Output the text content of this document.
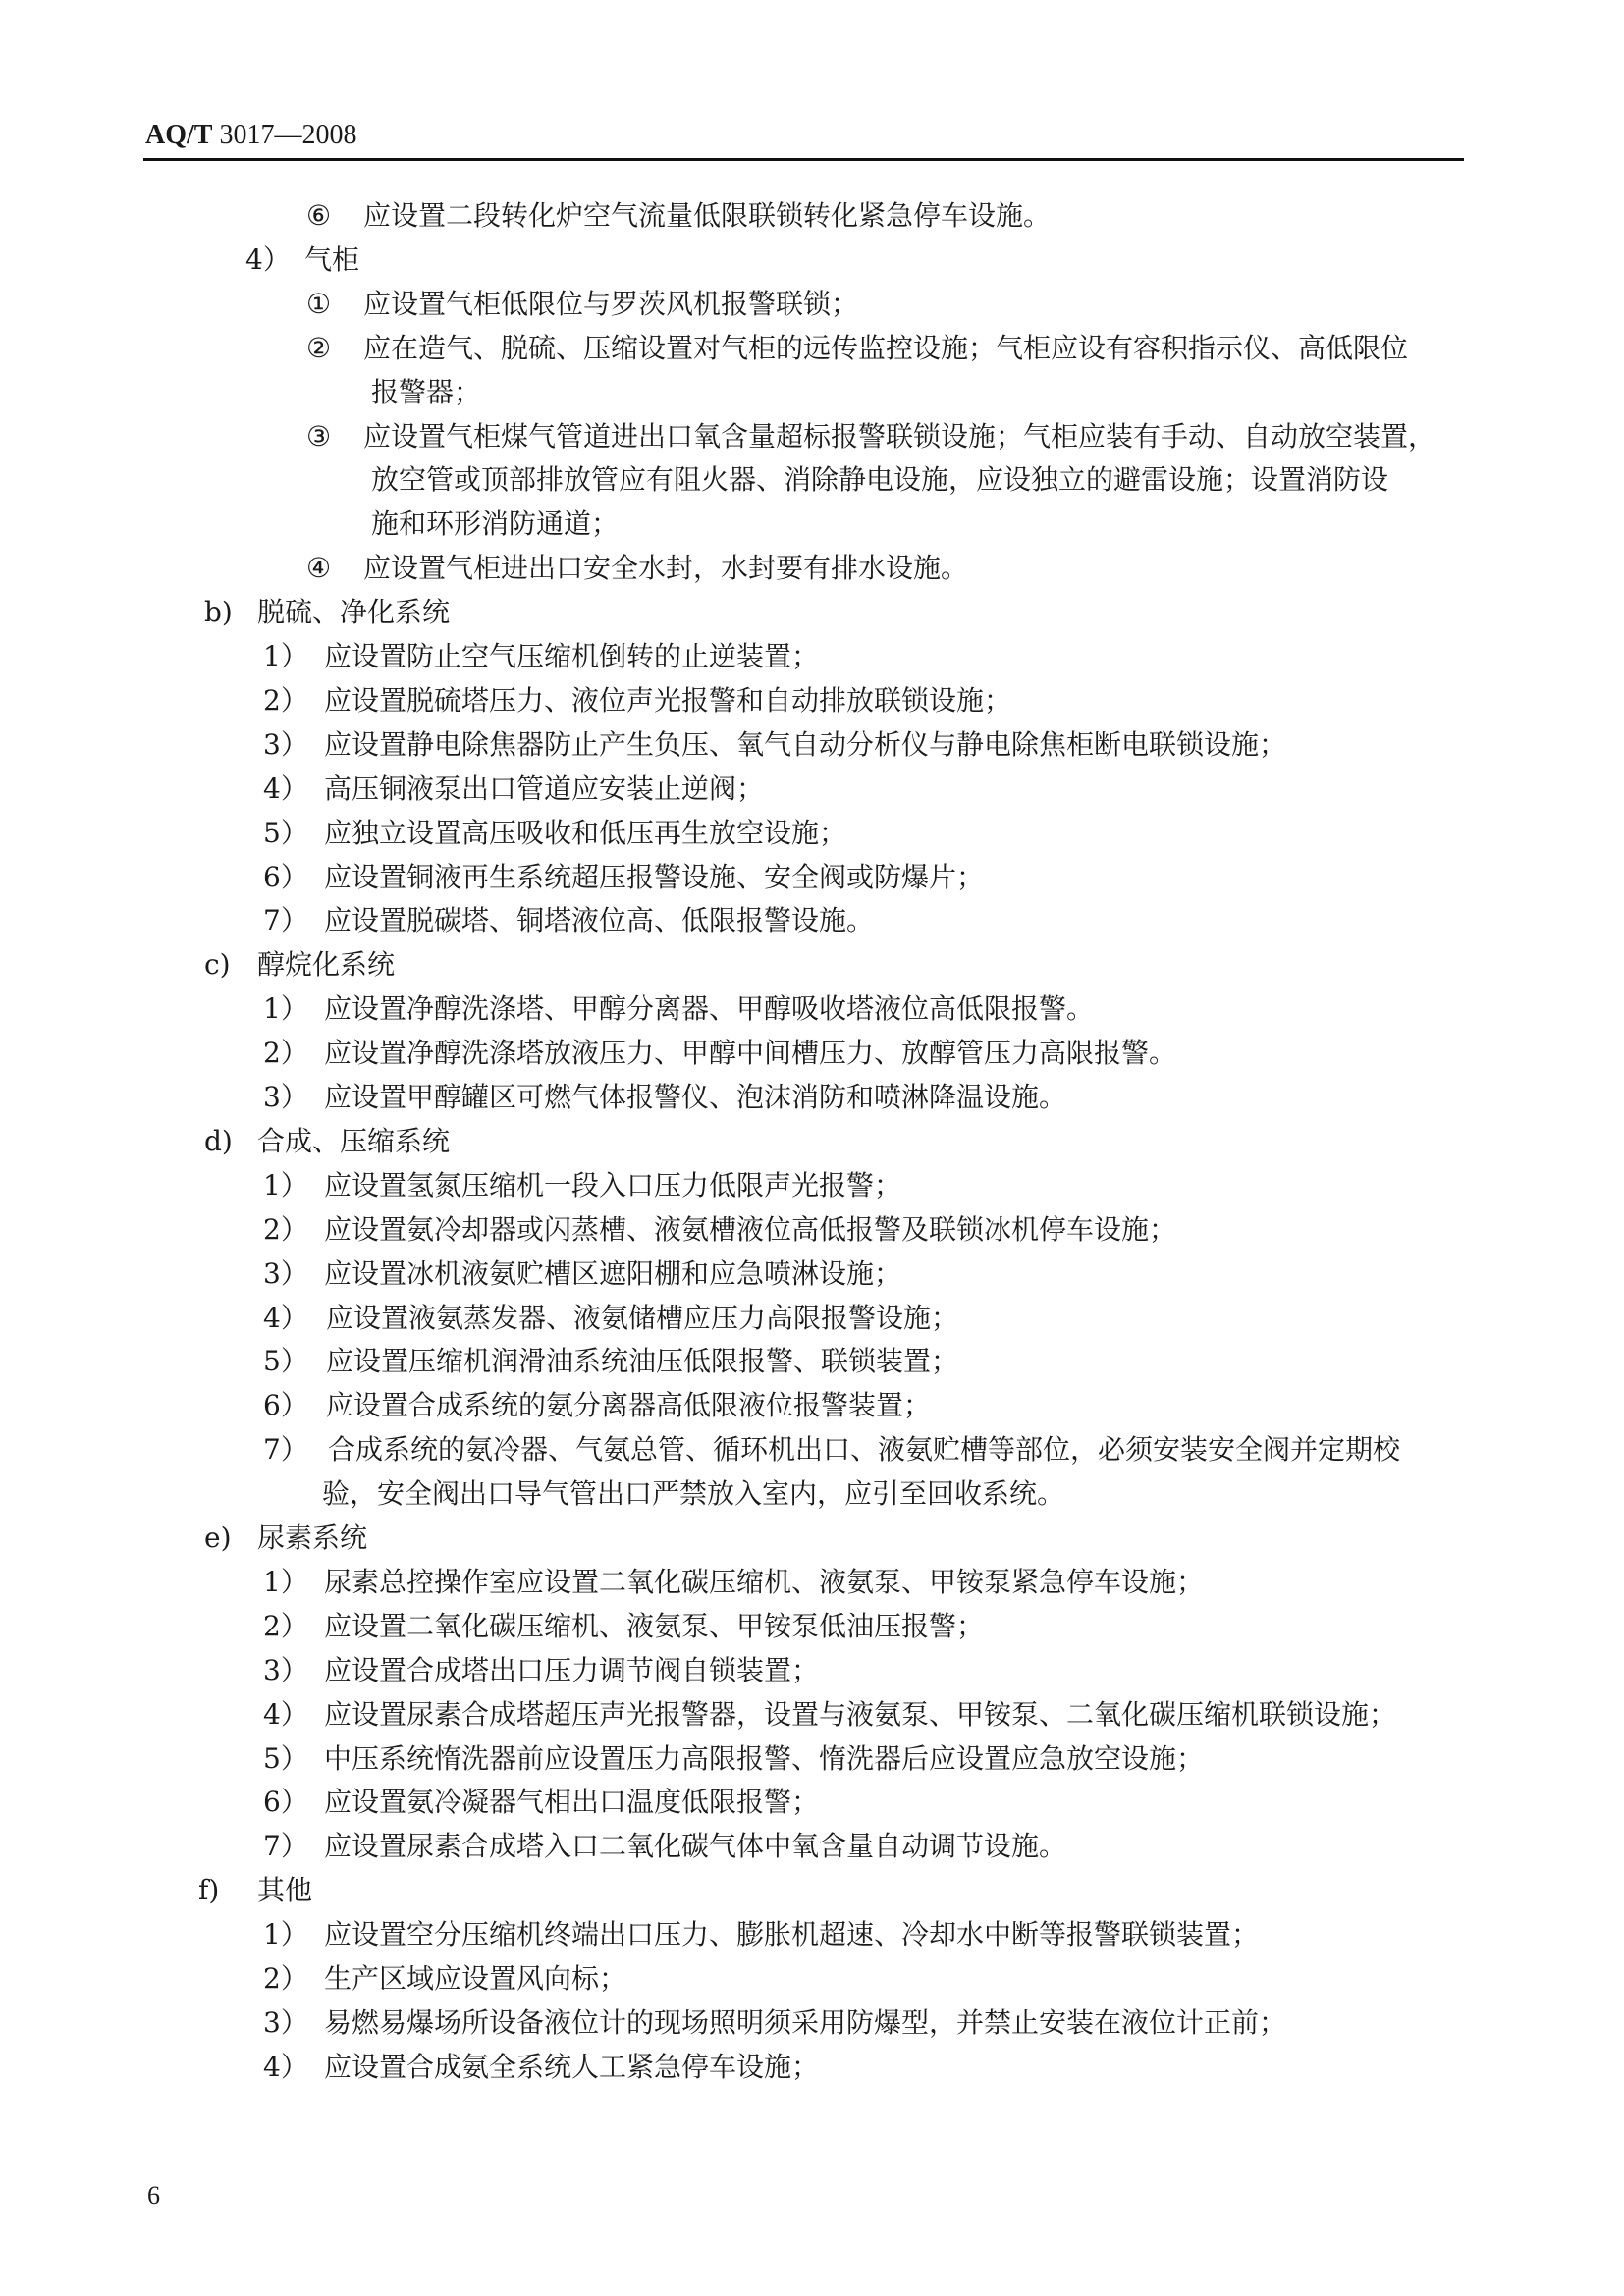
AQ/T 3017—2008
⑥ 应设置二段转化炉空气流量低限联锁转化紧急停车设施。
4） 气柜
① 应设置气柜低限位与罗茨风机报警联锁；
② 应在造气、脱硫、压缩设置对气柜的远传监控设施；气柜应设有容积指示仪、高低限位
报警器；
③ 应设置气柜煤气管道进出口氧含量超标报警联锁设施；气柜应装有手动、自动放空装置，
放空管或顶部排放管应有阻火器、消除静电设施，应设独立的避雷设施；设置消防设
施和环形消防通道；
④ 应设置气柜进出口安全水封，水封要有排水设施。
b) 脱硫、净化系统
1） 应设置防止空气压缩机倒转的止逆装置；
2） 应设置脱硫塔压力、液位声光报警和自动排放联锁设施；
3） 应设置静电除焦器防止产生负压、氧气自动分析仪与静电除焦柜断电联锁设施；
4） 高压铜液泵出口管道应安装止逆阀；
5） 应独立设置高压吸收和低压再生放空设施；
6） 应设置铜液再生系统超压报警设施、安全阀或防爆片；
7） 应设置脱碳塔、铜塔液位高、低限报警设施。
c) 醇烷化系统
1） 应设置净醇洗涤塔、甲醇分离器、甲醇吸收塔液位高低限报警。
2） 应设置净醇洗涤塔放液压力、甲醇中间槽压力、放醇管压力高限报警。
3） 应设置甲醇罐区可燃气体报警仪、泡沫消防和喷淋降温设施。
d) 合成、压缩系统
1） 应设置氢氮压缩机一段入口压力低限声光报警；
2） 应设置氨冷却器或闪蒸槽、液氨槽液位高低报警及联锁冰机停车设施；
3） 应设置冰机液氨贮槽区遮阳棚和应急喷淋设施；
4） 应设置液氨蒸发器、液氨储槽应压力高限报警设施；
5） 应设置压缩机润滑油系统油压低限报警、联锁装置；
6） 应设置合成系统的氨分离器高低限液位报警装置；
7） 合成系统的氨冷器、气氨总管、循环机出口、液氨贮槽等部位，必须安装安全阀并定期校
验，安全阀出口导气管出口严禁放入室内，应引至回收系统。
e) 尿素系统
1） 尿素总控操作室应设置二氧化碳压缩机、液氨泵、甲铵泵紧急停车设施；
2） 应设置二氧化碳压缩机、液氨泵、甲铵泵低油压报警；
3） 应设置合成塔出口压力调节阀自锁装置；
4） 应设置尿素合成塔超压声光报警器，设置与液氨泵、甲铵泵、二氧化碳压缩机联锁设施；
5） 中压系统惰洗器前应设置压力高限报警、惰洗器后应设置应急放空设施；
6） 应设置氨冷凝器气相出口温度低限报警；
7） 应设置尿素合成塔入口二氧化碳气体中氧含量自动调节设施。
f) 其他
1） 应设置空分压缩机终端出口压力、膨胀机超速、冷却水中断等报警联锁装置；
2） 生产区域应设置风向标；
3） 易燃易爆场所设备液位计的现场照明须采用防爆型，并禁止安装在液位计正前；
4） 应设置合成氨全系统人工紧急停车设施；
6
